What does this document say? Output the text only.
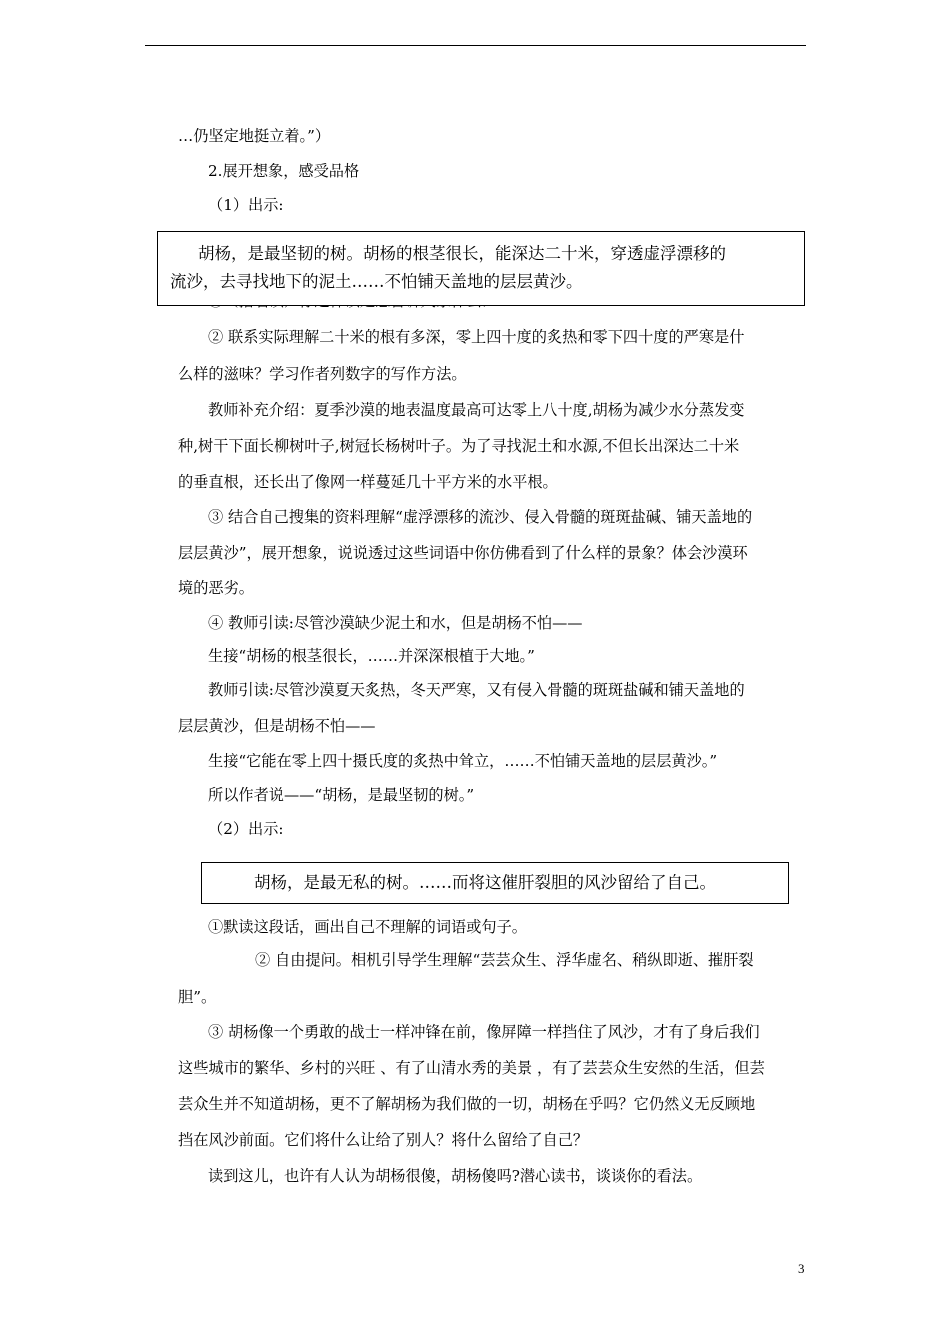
…仍坚定地挺立着。”）
2.展开想象，感受品格
（1）出示:
胡杨，是最坚韧的树。胡杨的根茎很长，能深达二十米，穿透虚浮漂移的
流沙，去寻找地下的泥土……不怕铺天盖地的层层黄沙。
② 联系实际理解二十米的根有多深，零上四十度的炙热和零下四十度的严寒是什
么样的滋味？学习作者列数字的写作方法。
教师补充介绍：夏季沙漠的地表温度最高可达零上八十度,胡杨为减少水分蒸发变
种,树干下面长柳树叶子,树冠长杨树叶子。为了寻找泥土和水源,不但长出深达二十米
的垂直根，还长出了像网一样蔓延几十平方米的水平根。
③ 结合自己搜集的资料理解“虚浮漂移的流沙、侵入骨髓的斑斑盐碱、铺天盖地的
层层黄沙”，展开想象，说说透过这些词语中你仿佛看到了什么样的景象？体会沙漠环
境的恶劣。
④ 教师引读:尽管沙漠缺少泥土和水，但是胡杨不怕——
生接“胡杨的根茎很长，……并深深根植于大地。”
教师引读:尽管沙漠夏天炙热，冬天严寒，又有侵入骨髓的斑斑盐碱和铺天盖地的
层层黄沙，但是胡杨不怕——
生接“它能在零上四十摄氏度的炙热中耸立，……不怕铺天盖地的层层黄沙。”
所以作者说——“胡杨，是最坚韧的树。”
（2）出示:
胡杨，是最无私的树。……而将这催肝裂胆的风沙留给了自己。
①默读这段话，画出自己不理解的词语或句子。
② 自由提问。相机引导学生理解“芸芸众生、浮华虚名、稍纵即逝、摧肝裂
胆”。
③ 胡杨像一个勇敢的战士一样冲锋在前，像屏障一样挡住了风沙，才有了身后我们
这些城市的繁华、乡村的兴旺 、有了山清水秀的美景 ，有了芸芸众生安然的生活，但芸
芸众生并不知道胡杨，更不了解胡杨为我们做的一切，胡杨在乎吗？它仍然义无反顾地
挡在风沙前面。它们将什么让给了别人？将什么留给了自己？
读到这儿，也许有人认为胡杨很傻，胡杨傻吗?潜心读书，谈谈你的看法。
3
